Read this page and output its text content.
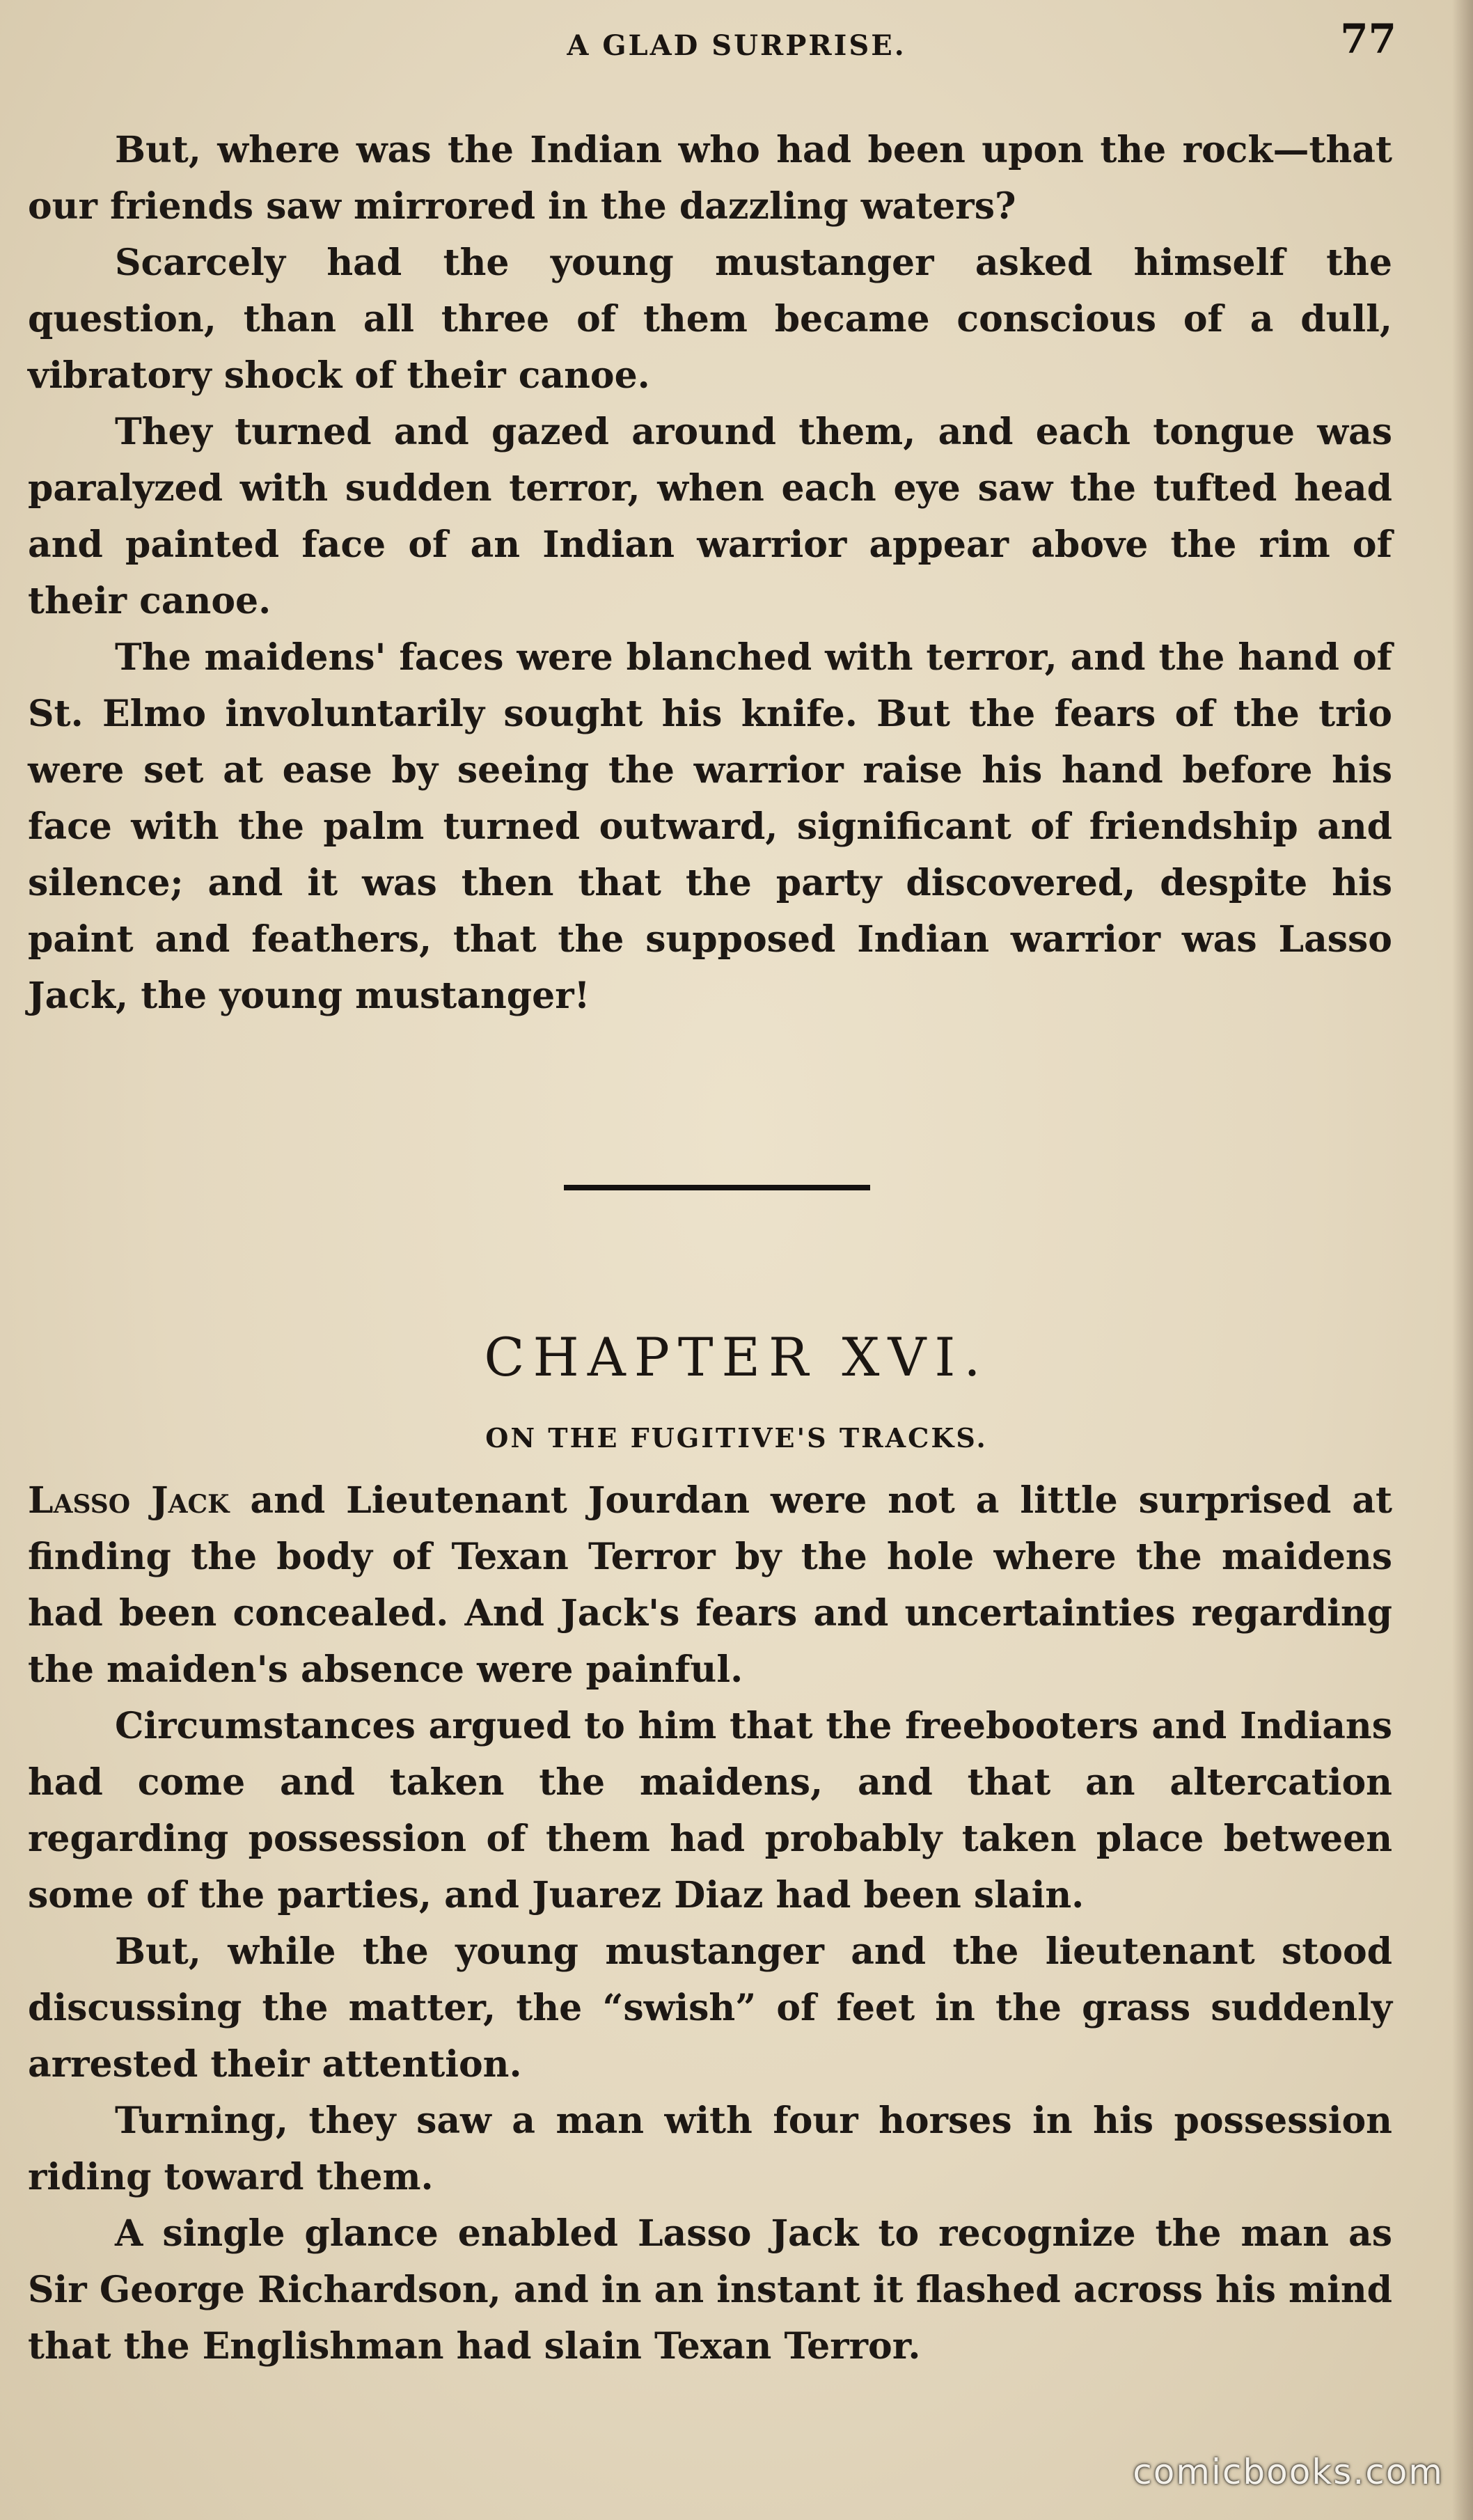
A GLAD SURPRISE.	77

But, where was the Indian who had been upon the rock—that our friends saw mirrored in the dazzling waters?

Scarcely had the young mustanger asked himself the question, than all three of them became conscious of a dull, vibratory shock of their canoe.

They turned and gazed around them, and each tongue was paralyzed with sudden terror, when each eye saw the tufted head and painted face of an Indian warrior appear above the rim of their canoe.

The maidens' faces were blanched with terror, and the hand of St. Elmo involuntarily sought his knife. But the fears of the trio were set at ease by seeing the warrior raise his hand before his face with the palm turned outward, significant of friendship and silence; and it was then that the party discovered, despite his paint and feathers, that the supposed Indian warrior was Lasso Jack, the young mustanger!

CHAPTER XVI.
ON THE FUGITIVE'S TRACKS.

Lasso Jack and Lieutenant Jourdan were not a little surprised at finding the body of Texan Terror by the hole where the maidens had been concealed. And Jack's fears and uncertainties regarding the maiden's absence were painful.

Circumstances argued to him that the freebooters and Indians had come and taken the maidens, and that an altercation regarding possession of them had probably taken place between some of the parties, and Juarez Diaz had been slain.

But, while the young mustanger and the lieutenant stood discussing the matter, the “swish” of feet in the grass suddenly arrested their attention.

Turning, they saw a man with four horses in his possession riding toward them.

A single glance enabled Lasso Jack to recognize the man as Sir George Richardson, and in an instant it flashed across his mind that the Englishman had slain Texan Terror.

comicbooks.com
